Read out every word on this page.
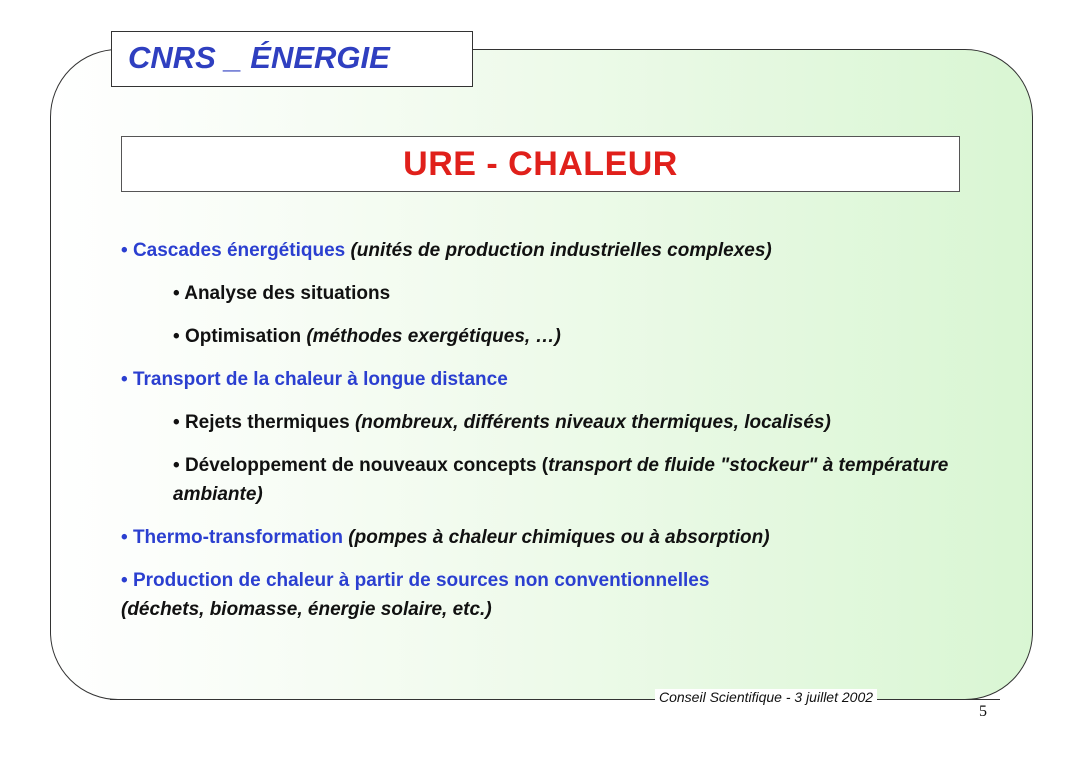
CNRS _ ÉNERGIE
URE - CHALEUR
• Cascades énergétiques (unités de production industrielles complexes)
• Analyse des situations
• Optimisation (méthodes exergétiques, …)
• Transport de la chaleur à longue distance
• Rejets thermiques (nombreux, différents niveaux thermiques, localisés)
• Développement de nouveaux concepts (transport de fluide "stockeur" à température ambiante)
• Thermo-transformation (pompes à chaleur chimiques ou à absorption)
• Production de chaleur à partir de sources non conventionnelles
(déchets, biomasse, énergie solaire, etc.)
Conseil Scientifique - 3 juillet 2002
5
